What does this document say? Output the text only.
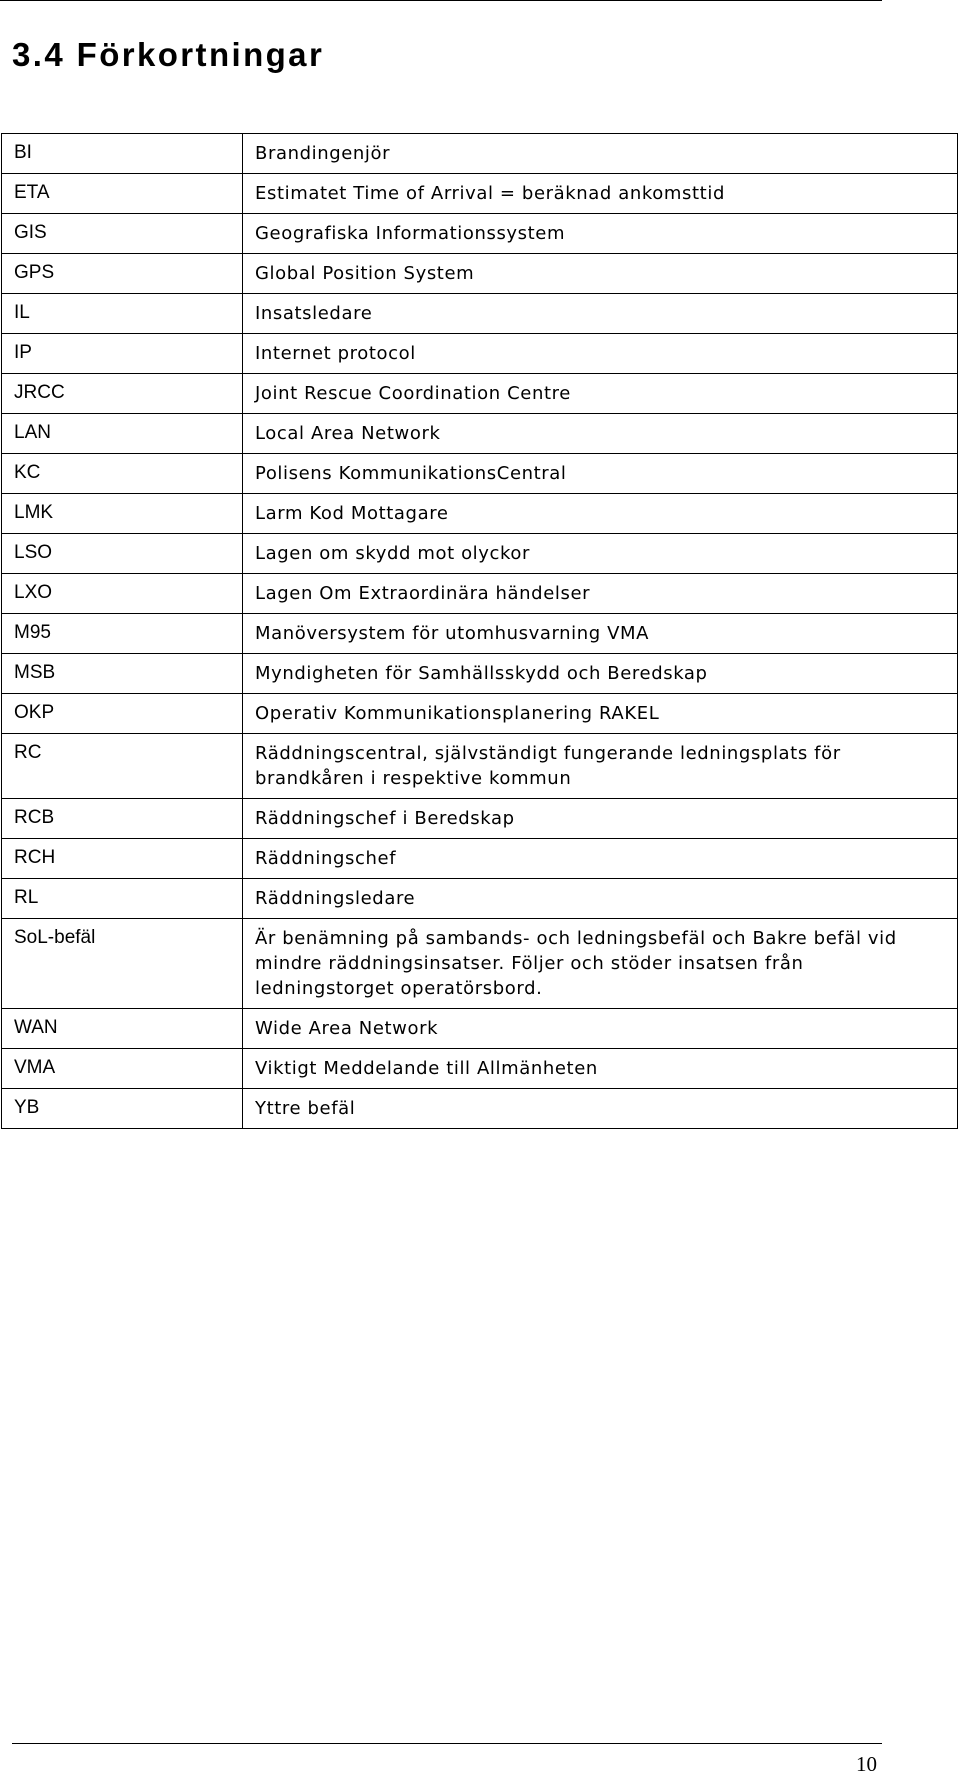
3.4 Förkortningar
BI	Brandingenjör
ETA	Estimatet Time of Arrival = beräknad ankomsttid
GIS	Geografiska Informationssystem
GPS	Global Position System
IL	Insatsledare
IP	Internet protocol
JRCC	Joint Rescue Coordination Centre
LAN	Local Area Network
KC	Polisens KommunikationsCentral
LMK	Larm Kod Mottagare
LSO	Lagen om skydd mot olyckor
LXO	Lagen Om Extraordinära händelser
M95	Manöversystem för utomhusvarning VMA
MSB	Myndigheten för Samhällsskydd och Beredskap
OKP	Operativ Kommunikationsplanering RAKEL
RC	Räddningscentral, självständigt fungerande ledningsplats för brandkåren i respektive kommun
RCB	Räddningschef i Beredskap
RCH	Räddningschef
RL	Räddningsledare
SoL-befäl	Är benämning på sambands- och ledningsbefäl och Bakre befäl vid mindre räddningsinsatser. Följer och stöder insatsen från ledningstorget operatörsbord.
WAN	Wide Area Network
VMA	Viktigt Meddelande till Allmänheten
YB	Yttre befäl
10
